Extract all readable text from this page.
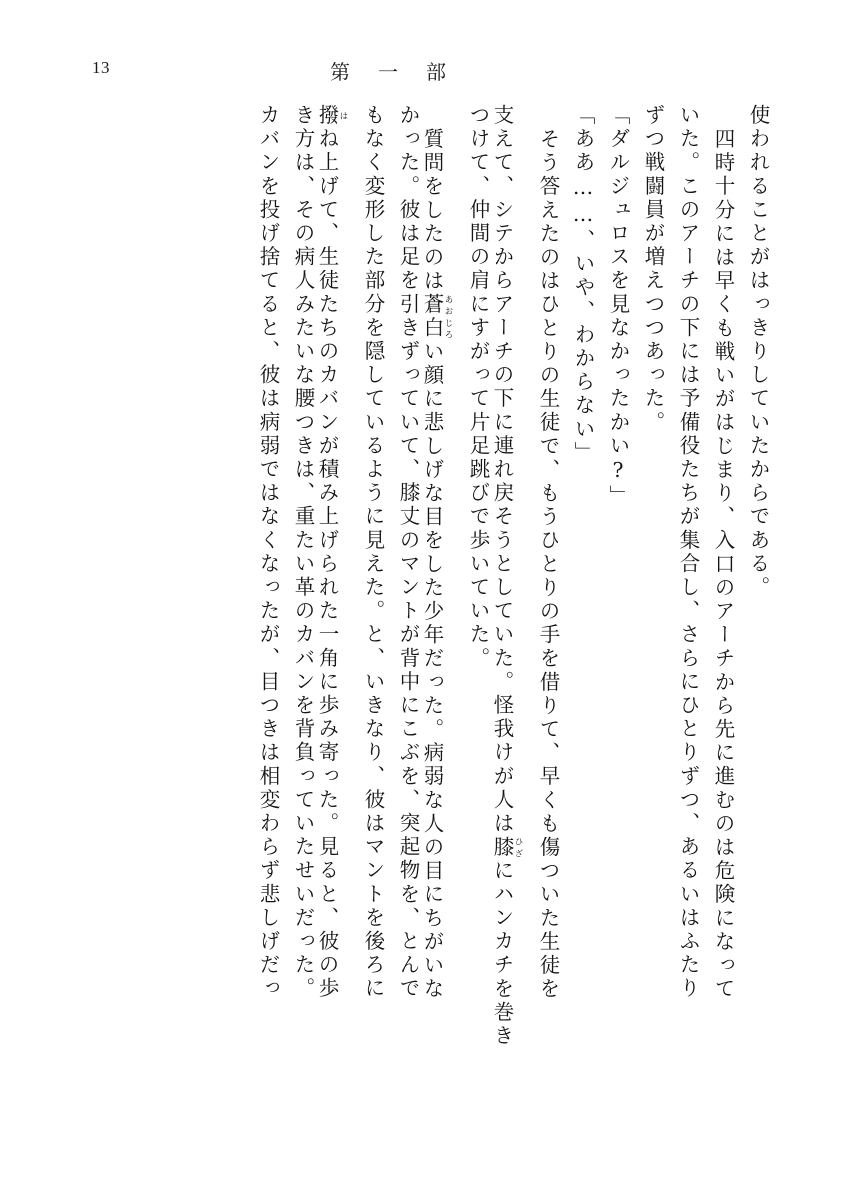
13	第一部
使われることがはっきりしていたからである。
四時十分には早くも戦いがはじまり、入口のアーチから先に進むのは危険になって
いた。このアーチの下には予備役たちが集合し、さらにひとりずつ、あるいはふたり
ずつ戦闘員が増えつつあった。
「ダルジュロスを見なかったかい?」
「ああ……、いや、わからない」
そう答えたのはひとりの生徒で、もうひとりの手を借りて、早くも傷ついた生徒を
支えて、シテからアーチの下に連れ戻そうとしていた。怪我けが人は膝 ひざにハンカチを巻き
つけて、仲間の肩にすがって片足跳びで歩いていた。
質問をしたのは蒼白 あおじろい顔に悲しげな目をした少年だった。病弱な人の目にちがいな
かった。彼は足を引きずっていて、膝丈のマントが背中にこぶを、突起物を、とんで
もなく変形した部分を隠しているように見えた。と、いきなり、彼はマントを後ろに
撥 はね上げて、生徒たちのカバンが積み上げられた一角に歩み寄った。見ると、彼の歩
き方は、その病人みたいな腰つきは、重たい革のカバンを背負っていたせいだった。
カバンを投げ捨てると、彼は病弱ではなくなったが、目つきは相変わらず悲しげだっ
